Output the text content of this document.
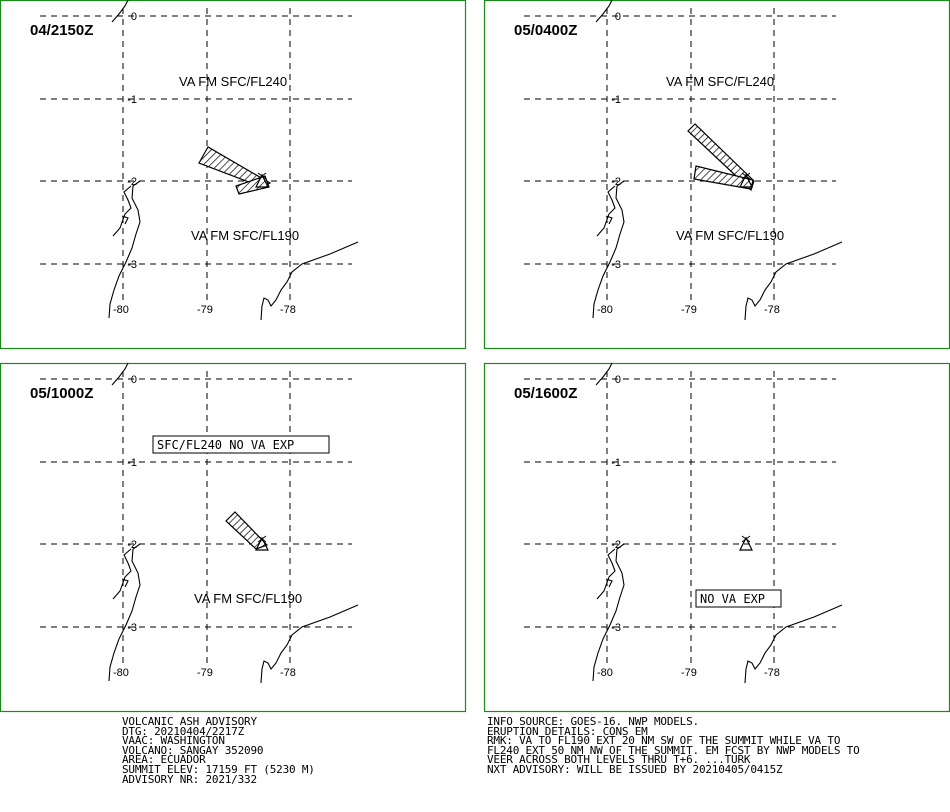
0
-1
-2
-3
-80	-79	-78
04/2150Z
VA FM SFC/FL240
VA FM SFC/FL190
0
-1
-2
-3
-80	-79	-78
05/0400Z
VA FM SFC/FL240
VA FM SFC/FL190
0
-1
-2
-3
-80	-79	-78
05/1000Z
VA FM SFC/FL190
SFC/FL240 NO VA EXP
0
-1
-2
-3
-80	-79	-78
05/1600Z
NO VA EXP
VOLCANIC ASH ADVISORY
DTG: 20210404/2217Z
VAAC: WASHINGTON
VOLCANO: SANGAY 352090
AREA: ECUADOR
SUMMIT ELEV: 17159 FT (5230 M)
ADVISORY NR: 2021/332
INFO SOURCE: GOES-16. NWP MODELS.
ERUPTION DETAILS: CONS EM
RMK: VA TO FL190 EXT 20 NM SW OF THE SUMMIT WHILE VA TO
FL240 EXT 50 NM NW OF THE SUMMIT. EM FCST BY NWP MODELS TO
VEER ACROSS BOTH LEVELS THRU T+6. ...TURK
NXT ADVISORY: WILL BE ISSUED BY 20210405/0415Z
